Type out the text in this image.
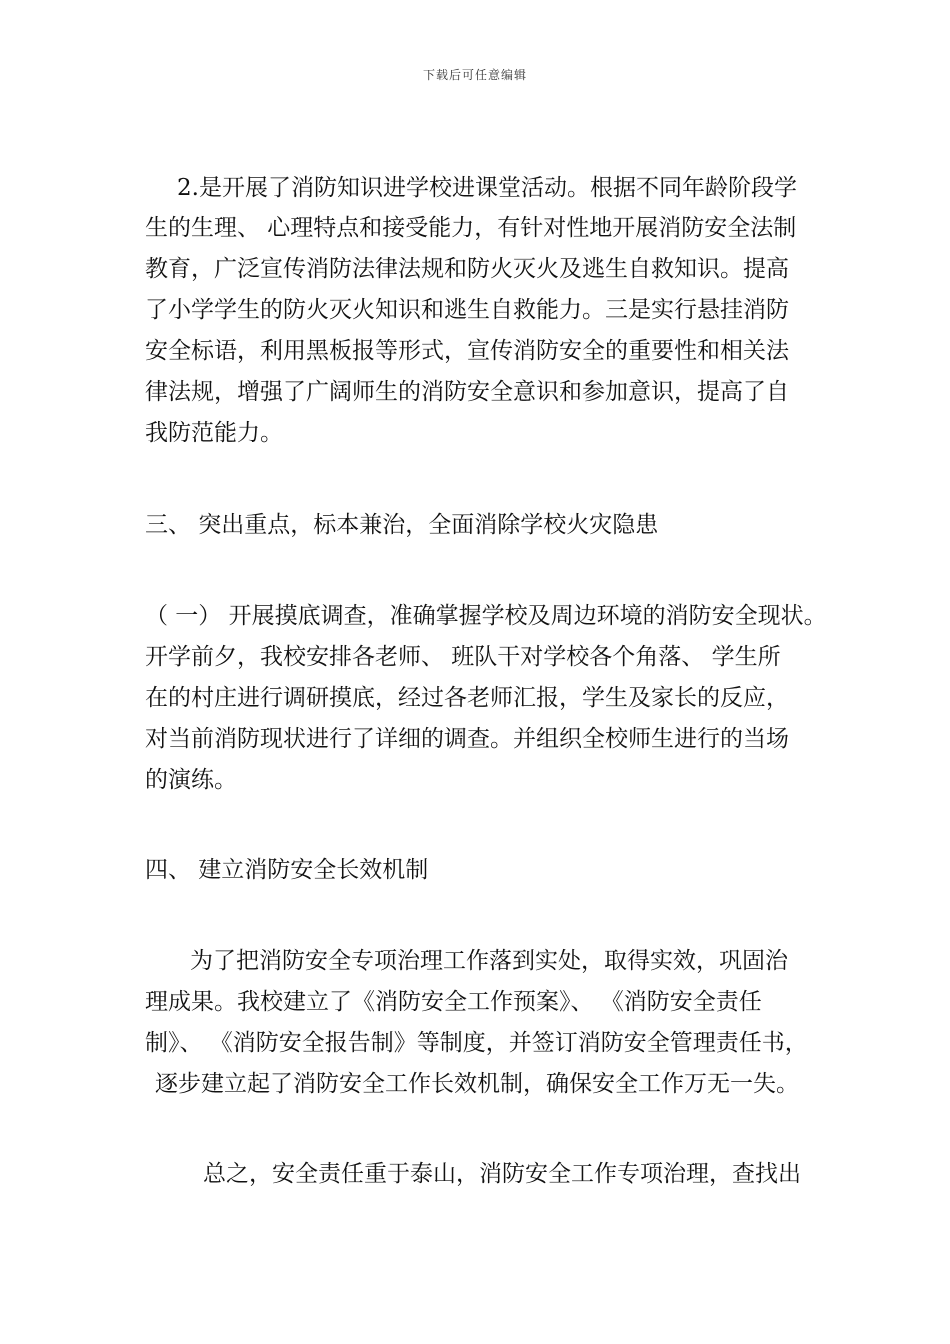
下载后可任意编辑
2.是开展了消防知识进学校进课堂活动。根据不同年龄阶段学
生的生理、 心理特点和接受能力，有针对性地开展消防安全法制
教育，广泛宣传消防法律法规和防火灭火及逃生自救知识。提高
了小学学生的防火灭火知识和逃生自救能力。三是实行悬挂消防
安全标语，利用黑板报等形式，宣传消防安全的重要性和相关法
律法规，增强了广阔师生的消防安全意识和参加意识，提高了自
我防范能力。
三、 突出重点，标本兼治，全面消除学校火灾隐患
（ 一） 开展摸底调查，准确掌握学校及周边环境的消防安全现状。
开学前夕，我校安排各老师、 班队干对学校各个角落、 学生所
在的村庄进行调研摸底，经过各老师汇报，学生及家长的反应，
对当前消防现状进行了详细的调查。并组织全校师生进行的当场
的演练。
四、 建立消防安全长效机制
为了把消防安全专项治理工作落到实处，取得实效，巩固治
理成果。我校建立了《消防安全工作预案》、 《消防安全责任
制》、 《消防安全报告制》等制度，并签订消防安全管理责任书，
逐步建立起了消防安全工作长效机制，确保安全工作万无一失。
总之，安全责任重于泰山，消防安全工作专项治理，查找出
